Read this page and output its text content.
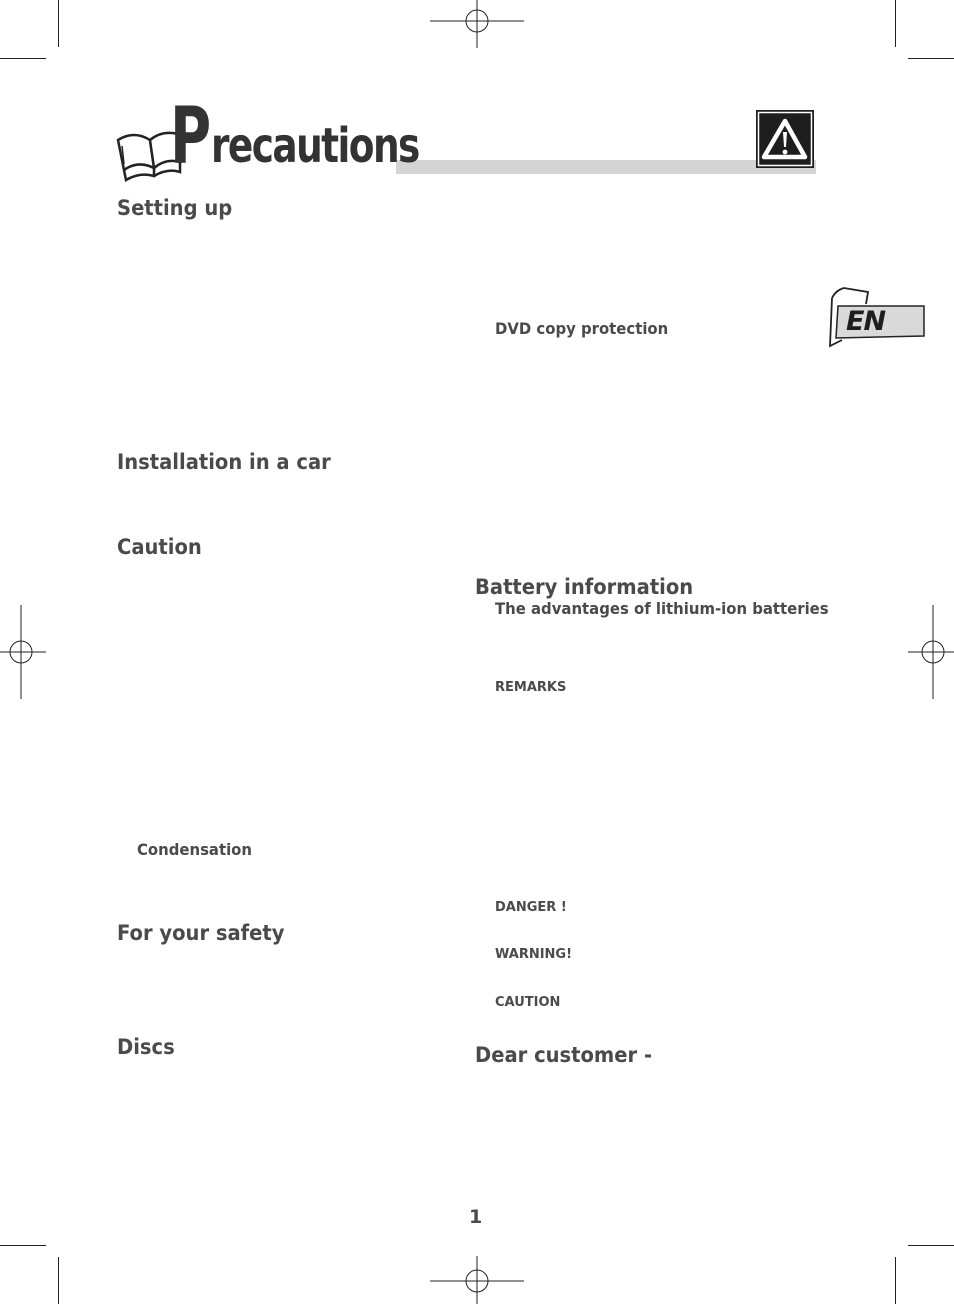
P recautions
EN
Setting up
Installation in a car
Caution
Condensation
For your safety
Discs
DVD copy protection
Battery information
The advantages of lithium-ion batteries
REMARKS
DANGER !
WARNING!
CAUTION
Dear customer -
1
